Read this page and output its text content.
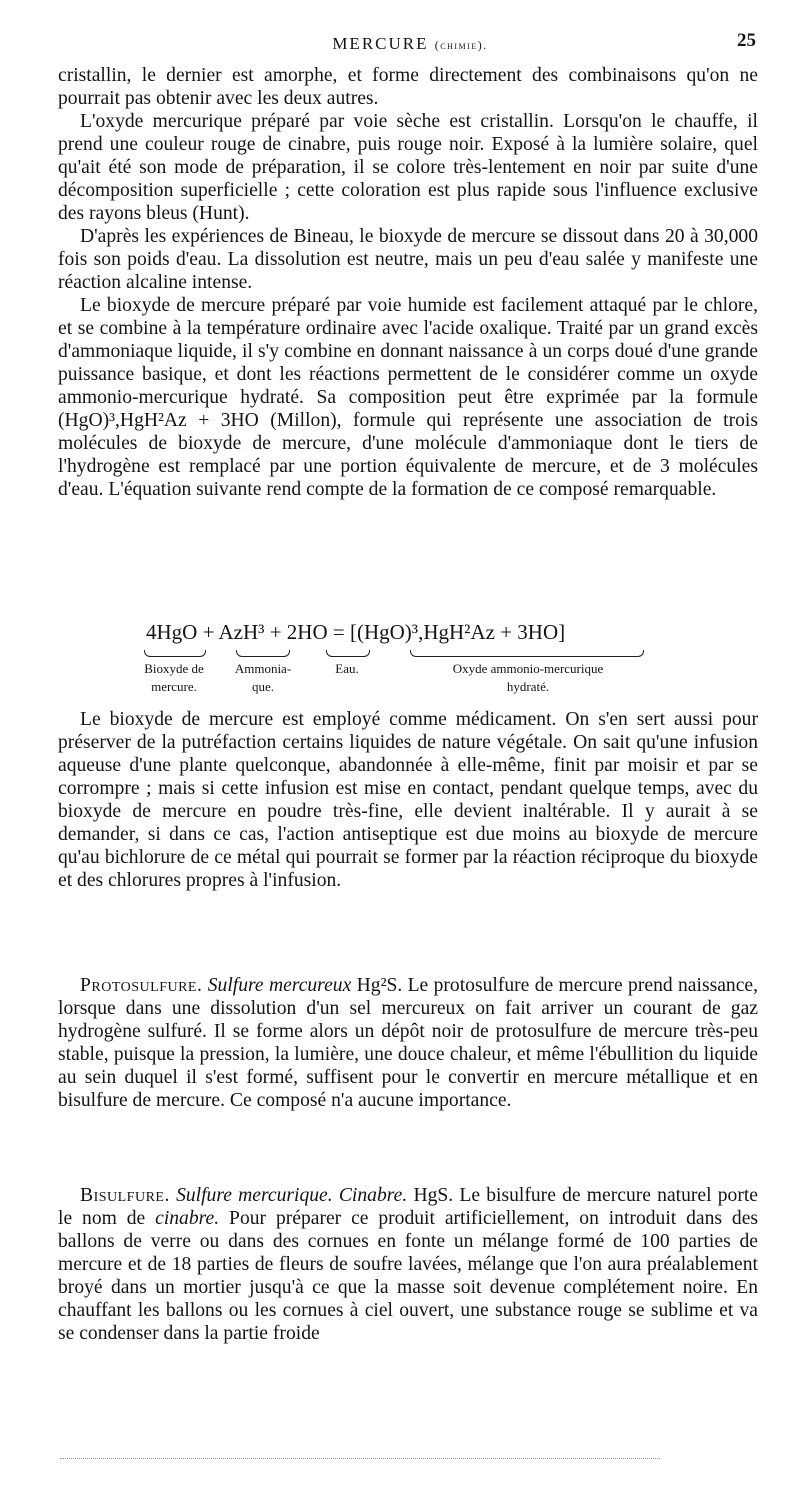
MERCURE (chimie).	25

cristallin, le dernier est amorphe, et forme directement des combinaisons qu'on ne pourrait pas obtenir avec les deux autres.

L'oxyde mercurique préparé par voie sèche est cristallin. Lorsqu'on le chauffe, il prend une couleur rouge de cinabre, puis rouge noir. Exposé à la lumière solaire, quel qu'ait été son mode de préparation, il se colore très-lentement en noir par suite d'une décomposition superficielle ; cette coloration est plus rapide sous l'influence exclusive des rayons bleus (Hunt).

D'après les expériences de Bineau, le bioxyde de mercure se dissout dans 20 à 30,000 fois son poids d'eau. La dissolution est neutre, mais un peu d'eau salée y manifeste une réaction alcaline intense.

Le bioxyde de mercure préparé par voie humide est facilement attaqué par le chlore, et se combine à la température ordinaire avec l'acide oxalique. Traité par un grand excès d'ammoniaque liquide, il s'y combine en donnant naissance à un corps doué d'une grande puissance basique, et dont les réactions permettent de le considérer comme un oxyde ammonio-mercurique hydraté. Sa composition peut être exprimée par la formule (HgO)³,HgH²Az + 3HO (Millon), formule qui représente une association de trois molécules de bioxyde de mercure, d'une molécule d'ammoniaque dont le tiers de l'hydrogène est remplacé par une portion équivalente de mercure, et de 3 molécules d'eau. L'équation suivante rend compte de la formation de ce composé remarquable.

4HgO + AzH³ + 2HO = [(HgO)³,HgH²Az + 3HO]
Bioxyde de mercure.
Ammonia-que.
Eau.	Oxyde ammonio-mercurique
hydraté.

Le bioxyde de mercure est employé comme médicament. On s'en sert aussi pour préserver de la putréfaction certains liquides de nature végétale. On sait qu'une infusion aqueuse d'une plante quelconque, abandonnée à elle-même, finit par moisir et par se corrompre ; mais si cette infusion est mise en contact, pendant quelque temps, avec du bioxyde de mercure en poudre très-fine, elle devient inaltérable. Il y aurait à se demander, si dans ce cas, l'action antiseptique est due moins au bioxyde de mercure qu'au bichlorure de ce métal qui pourrait se former par la réaction réciproque du bioxyde et des chlorures propres à l'infusion.

Protosulfure. Sulfure mercureux Hg²S. Le protosulfure de mercure prend naissance, lorsque dans une dissolution d'un sel mercureux on fait arriver un courant de gaz hydrogène sulfuré. Il se forme alors un dépôt noir de protosulfure de mercure très-peu stable, puisque la pression, la lumière, une douce chaleur, et même l'ébullition du liquide au sein duquel il s'est formé, suffisent pour le convertir en mercure métallique et en bisulfure de mercure. Ce composé n'a aucune importance.

Bisulfure. Sulfure mercurique. Cinabre. HgS. Le bisulfure de mercure naturel porte le nom de cinabre. Pour préparer ce produit artificiellement, on introduit dans des ballons de verre ou dans des cornues en fonte un mélange formé de 100 parties de mercure et de 18 parties de fleurs de soufre lavées, mélange que l'on aura préalablement broyé dans un mortier jusqu'à ce que la masse soit devenue complétement noire. En chauffant les ballons ou les cornues à ciel ouvert, une substance rouge se sublime et va se condenser dans la partie froide
